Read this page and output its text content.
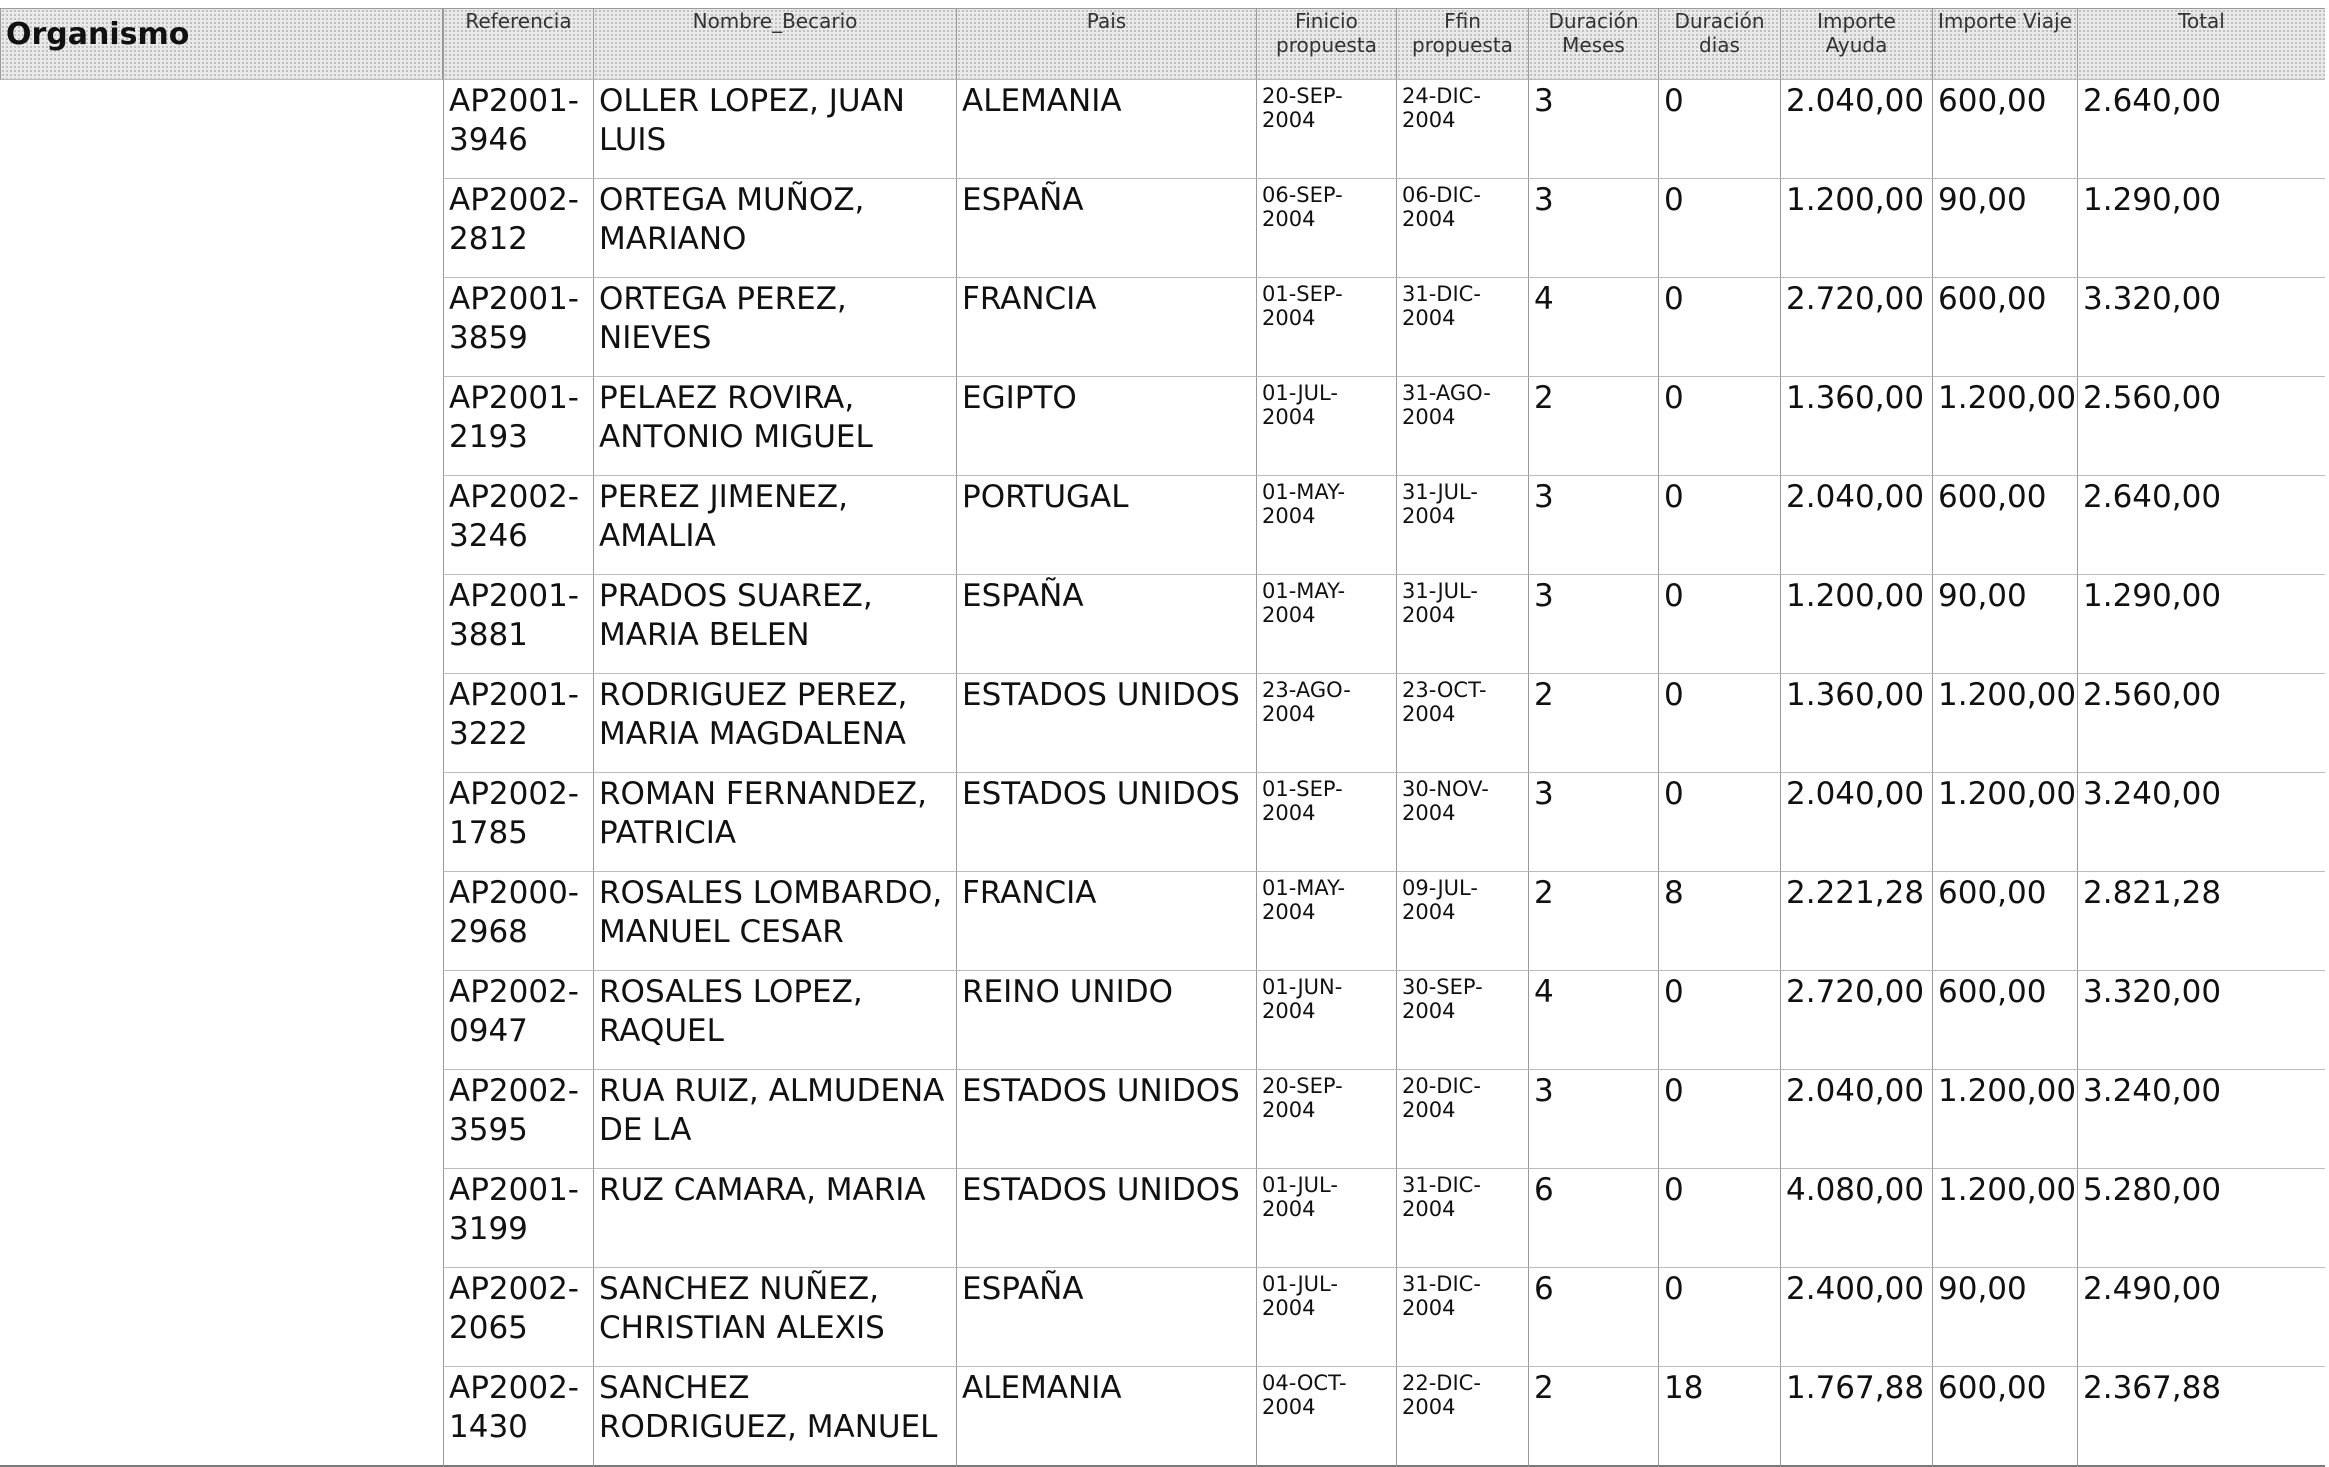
Organismo	Referencia	Nombre_Becario	Pais	Finicio propuesta	Ffin propuesta	Duración Meses	Duración dias	Importe Ayuda	Importe Viaje	Total
	AP2001-3946	OLLER LOPEZ, JUAN LUIS	ALEMANIA	20-SEP-2004	24-DIC-2004	3	0	2.040,00	600,00	2.640,00
	AP2002-2812	ORTEGA MUÑOZ, MARIANO	ESPAÑA	06-SEP-2004	06-DIC-2004	3	0	1.200,00	90,00	1.290,00
	AP2001-3859	ORTEGA PEREZ, NIEVES	FRANCIA	01-SEP-2004	31-DIC-2004	4	0	2.720,00	600,00	3.320,00
	AP2001-2193	PELAEZ ROVIRA, ANTONIO MIGUEL	EGIPTO	01-JUL-2004	31-AGO-2004	2	0	1.360,00	1.200,00	2.560,00
	AP2002-3246	PEREZ JIMENEZ, AMALIA	PORTUGAL	01-MAY-2004	31-JUL-2004	3	0	2.040,00	600,00	2.640,00
	AP2001-3881	PRADOS SUAREZ, MARIA BELEN	ESPAÑA	01-MAY-2004	31-JUL-2004	3	0	1.200,00	90,00	1.290,00
	AP2001-3222	RODRIGUEZ PEREZ, MARIA MAGDALENA	ESTADOS UNIDOS	23-AGO-2004	23-OCT-2004	2	0	1.360,00	1.200,00	2.560,00
	AP2002-1785	ROMAN FERNANDEZ, PATRICIA	ESTADOS UNIDOS	01-SEP-2004	30-NOV-2004	3	0	2.040,00	1.200,00	3.240,00
	AP2000-2968	ROSALES LOMBARDO, MANUEL CESAR	FRANCIA	01-MAY-2004	09-JUL-2004	2	8	2.221,28	600,00	2.821,28
	AP2002-0947	ROSALES LOPEZ, RAQUEL	REINO UNIDO	01-JUN-2004	30-SEP-2004	4	0	2.720,00	600,00	3.320,00
	AP2002-3595	RUA RUIZ, ALMUDENA DE LA	ESTADOS UNIDOS	20-SEP-2004	20-DIC-2004	3	0	2.040,00	1.200,00	3.240,00
	AP2001-3199	RUZ CAMARA, MARIA	ESTADOS UNIDOS	01-JUL-2004	31-DIC-2004	6	0	4.080,00	1.200,00	5.280,00
	AP2002-2065	SANCHEZ NUÑEZ, CHRISTIAN ALEXIS	ESPAÑA	01-JUL-2004	31-DIC-2004	6	0	2.400,00	90,00	2.490,00
	AP2002-1430	SANCHEZ RODRIGUEZ, MANUEL	ALEMANIA	04-OCT-2004	22-DIC-2004	2	18	1.767,88	600,00	2.367,88
